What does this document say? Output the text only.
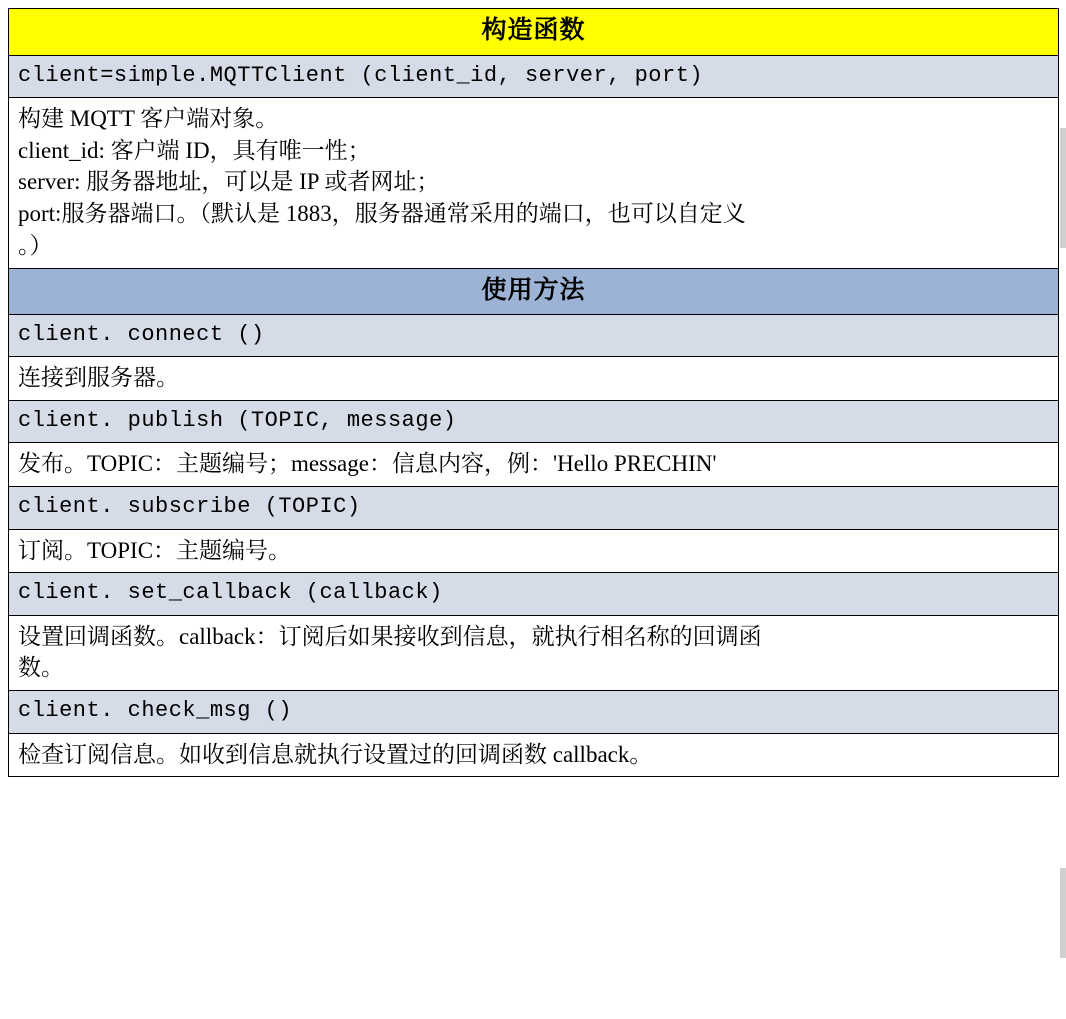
构造函数
client=simple.MQTTClient (client_id, server, port)

构建 MQTT 客户端对象。
client_id: 客户端 ID，具有唯一性；
server: 服务器地址，可以是 IP 或者网址；
port:服务器端口。（默认是 1883，服务器通常采用的端口，也可以自定义
。）

使用方法
client. connect ()

连接到服务器。

client. publish (TOPIC, message)

发布。TOPIC：主题编号；message：信息内容，例：'Hello PRECHIN'

client. subscribe (TOPIC)

订阅。TOPIC：主题编号。

client. set_callback (callback)

设置回调函数。callback：订阅后如果接收到信息，就执行相名称的回调函
数。

client. check_msg ()

检查订阅信息。如收到信息就执行设置过的回调函数 callback。
